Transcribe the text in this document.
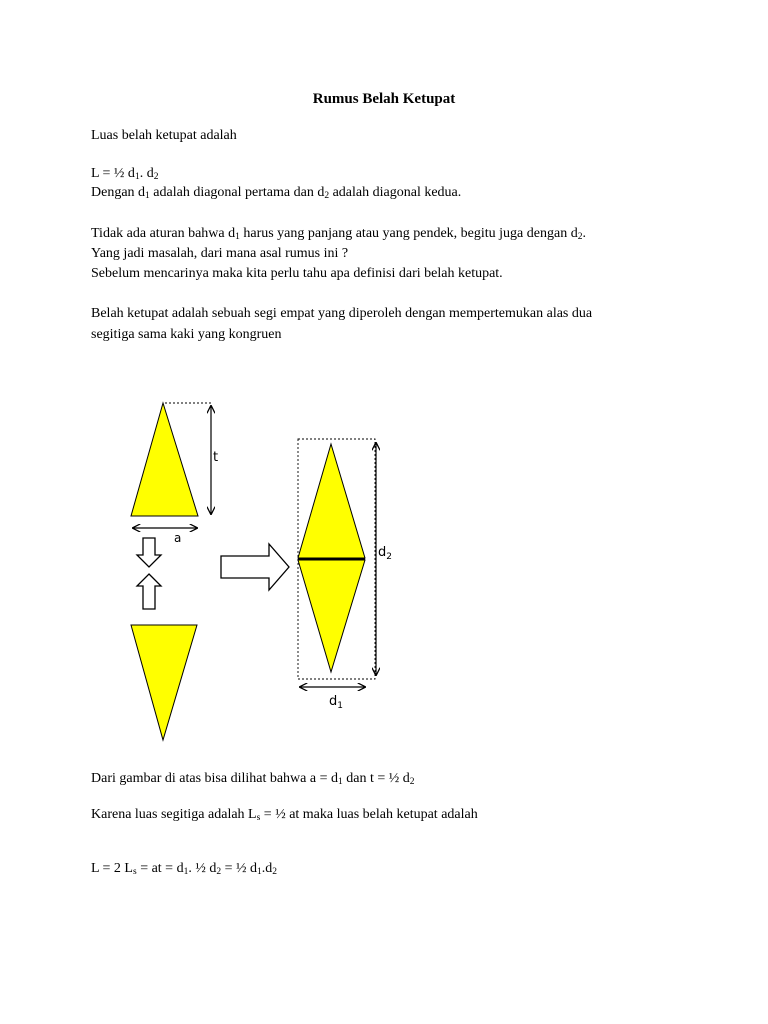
Rumus Belah Ketupat
Luas belah ketupat adalah
L = ½ $d_1$. $d_2$
Dengan $d_1$ adalah diagonal pertama dan $d_2$ adalah diagonal kedua.
Tidak ada aturan bahwa $d_1$ harus yang panjang atau yang pendek, begitu juga dengan $d_2$.
Yang jadi masalah, dari mana asal rumus ini ?
Sebelum mencarinya maka kita perlu tahu apa definisi dari belah ketupat.
Belah ketupat adalah sebuah segi empat yang diperoleh dengan mempertemukan alas dua
segitiga sama kaki yang kongruen
t
a
$d_2$
$d_1$
Dari gambar di atas bisa dilihat bahwa $a = d_1$ dan t = ½ $d_2$
Karena luas segitiga adalah $L_s$ = ½ at maka luas belah ketupat adalah
L = 2 $L_s$ = at = $d_1$. ½ $d_2$ = ½ $d_1.d_2$
